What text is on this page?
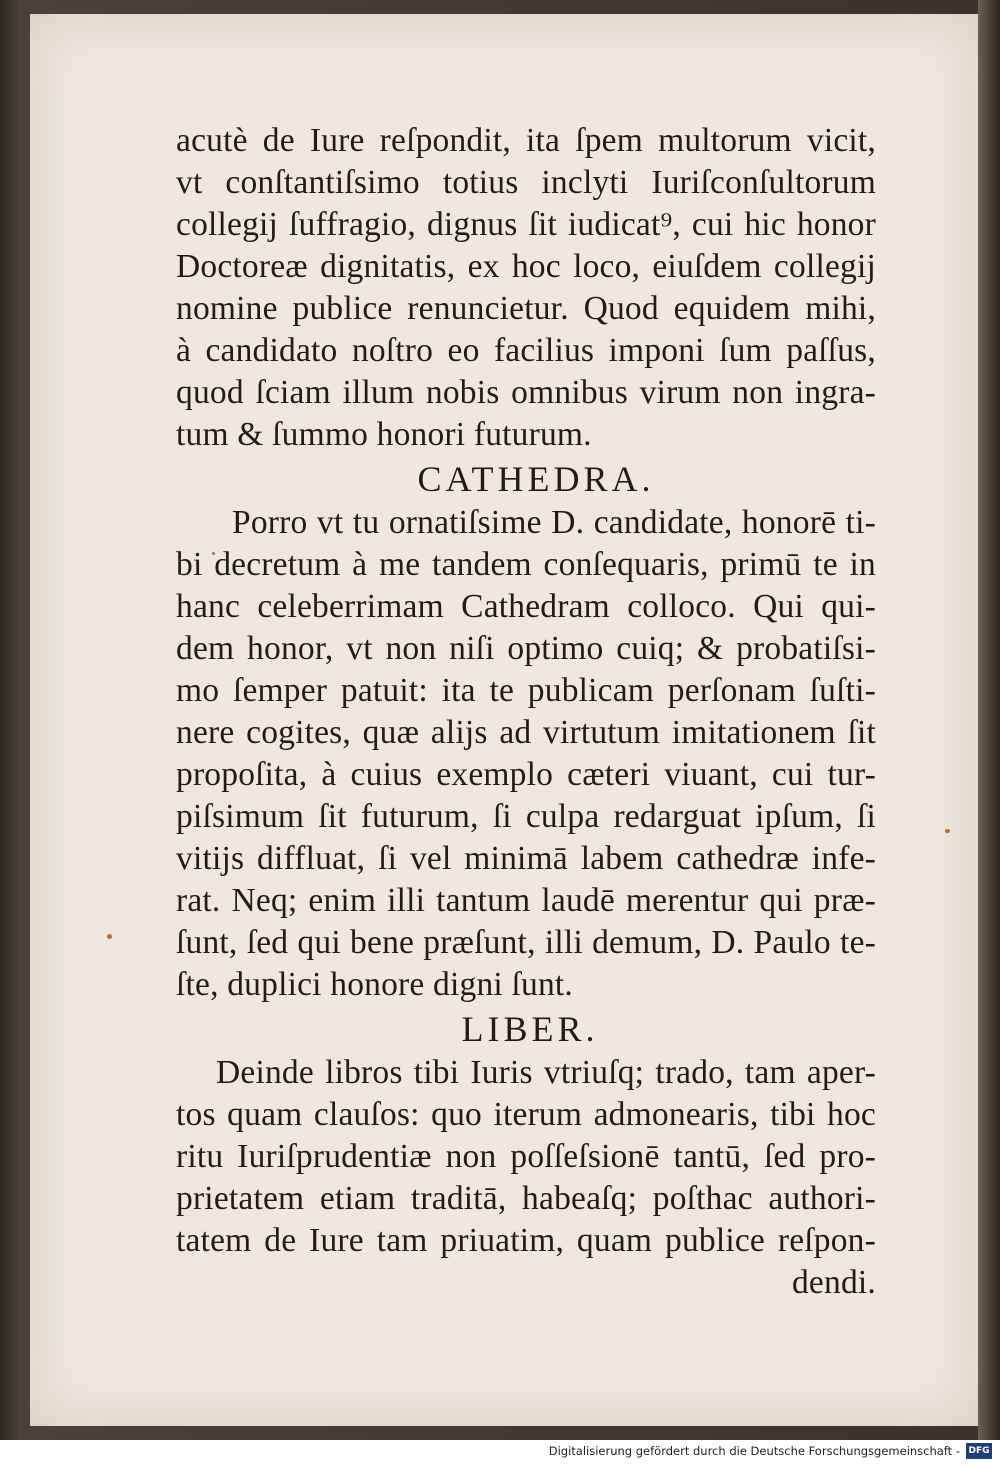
acutè de Iure reſpondit, ita ſpem multorum vicit,
vt conſtantiſsimo totius inclyti Iuriſconſultorum
collegij ſuffragio, dignus ſit iudicat⁹, cui hic honor
Doctoreæ dignitatis, ex hoc loco, eiuſdem collegij
nomine publice renuncietur. Quod equidem mihi,
à candidato noſtro eo facilius imponi ſum paſſus,
quod ſciam illum nobis omnibus virum non ingra-
tum & ſummo honori futurum.
CATHEDRA.
Porro vt tu ornatiſsime D. candidate, honorē ti-
bi decretum à me tandem conſequaris, primū te in
hanc celeberrimam Cathedram colloco. Qui qui-
dem honor, vt non niſi optimo cuiq; & probatiſsi-
mo ſemper patuit: ita te publicam perſonam ſuſti-
nere cogites, quæ alijs ad virtutum imitationem ſit
propoſita, à cuius exemplo cæteri viuant, cui tur-
piſsimum ſit futurum, ſi culpa redarguat ipſum, ſi
vitijs diffluat, ſi vel minimā labem cathedræ infe-
rat. Neq; enim illi tantum laudē merentur qui præ-
ſunt, ſed qui bene præſunt, illi demum, D. Paulo te-
ſte, duplici honore digni ſunt.
LIBER.
Deinde libros tibi Iuris vtriuſq; trado, tam aper-
tos quam clauſos: quo iterum admonearis, tibi hoc
ritu Iuriſprudentiæ non poſſeſsionē tantū, ſed pro-
prietatem etiam traditā, habeaſq; poſthac authori-
tatem de Iure tam priuatim, quam publice reſpon-
dendi.
Digitalisierung gefördert durch die Deutsche Forschungsgemeinschaft - DFG
